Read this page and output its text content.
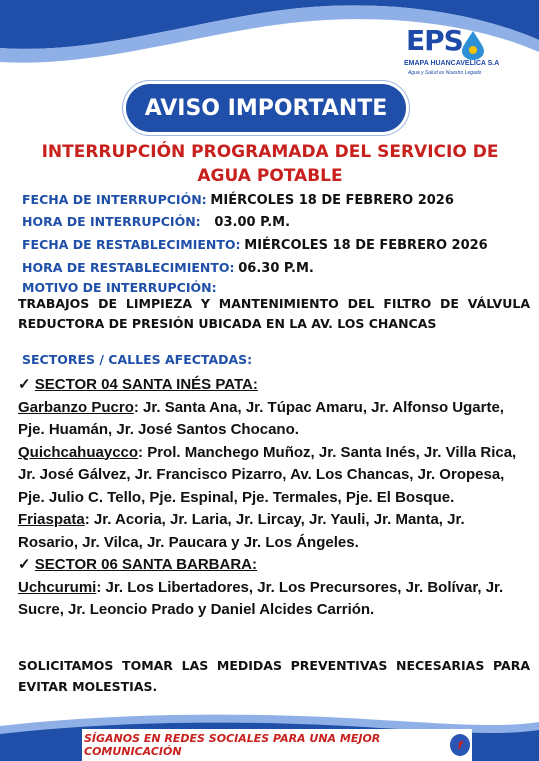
EPS
EMAPA HUANCAVELICA S.A
Agua y Salud es Nuestro Legado
AVISO IMPORTANTE
INTERRUPCIÓN PROGRAMADA DEL SERVICIO DE AGUA POTABLE
FECHA DE INTERRUPCIÓN: MIÉRCOLES 18 DE FEBRERO 2026
HORA DE INTERRUPCIÓN: 03.00 P.M.
FECHA DE RESTABLECIMIENTO: MIÉRCOLES 18 DE FEBRERO 2026
HORA DE RESTABLECIMIENTO: 06.30 P.M.
MOTIVO DE INTERRUPCIÓN:
TRABAJOS DE LIMPIEZA Y MANTENIMIENTO DEL FILTRO DE VÁLVULA REDUCTORA DE PRESIÓN UBICADA EN LA AV. LOS CHANCAS
SECTORES / CALLES AFECTADAS:

✓ SECTOR 04 SANTA INÉS PATA:

Garbanzo Pucro: Jr. Santa Ana, Jr. Túpac Amaru, Jr. Alfonso Ugarte, Pje. Huamán, Jr. José Santos Chocano.

Quichcahuaycco: Prol. Manchego Muñoz, Jr. Santa Inés, Jr. Villa Rica, Jr. José Gálvez, Jr. Francisco Pizarro, Av. Los Chancas, Jr. Oropesa, Pje. Julio C. Tello, Pje. Espinal, Pje. Termales, Pje. El Bosque.

Friaspata: Jr. Acoria, Jr. Laria, Jr. Lircay, Jr. Yauli, Jr. Manta, Jr. Rosario, Jr. Vilca, Jr. Paucara y Jr. Los Ángeles.

✓ SECTOR 06 SANTA BARBARA:

Uchcurumi: Jr. Los Libertadores, Jr. Los Precursores, Jr. Bolívar, Jr. Sucre, Jr. Leoncio Prado y Daniel Alcides Carrión.

SOLICITAMOS TOMAR LAS MEDIDAS PREVENTIVAS NECESARIAS PARA EVITAR MOLESTIAS.
SÍGANOS EN REDES SOCIALES PARA UNA MEJOR COMUNICACIÓN	f
